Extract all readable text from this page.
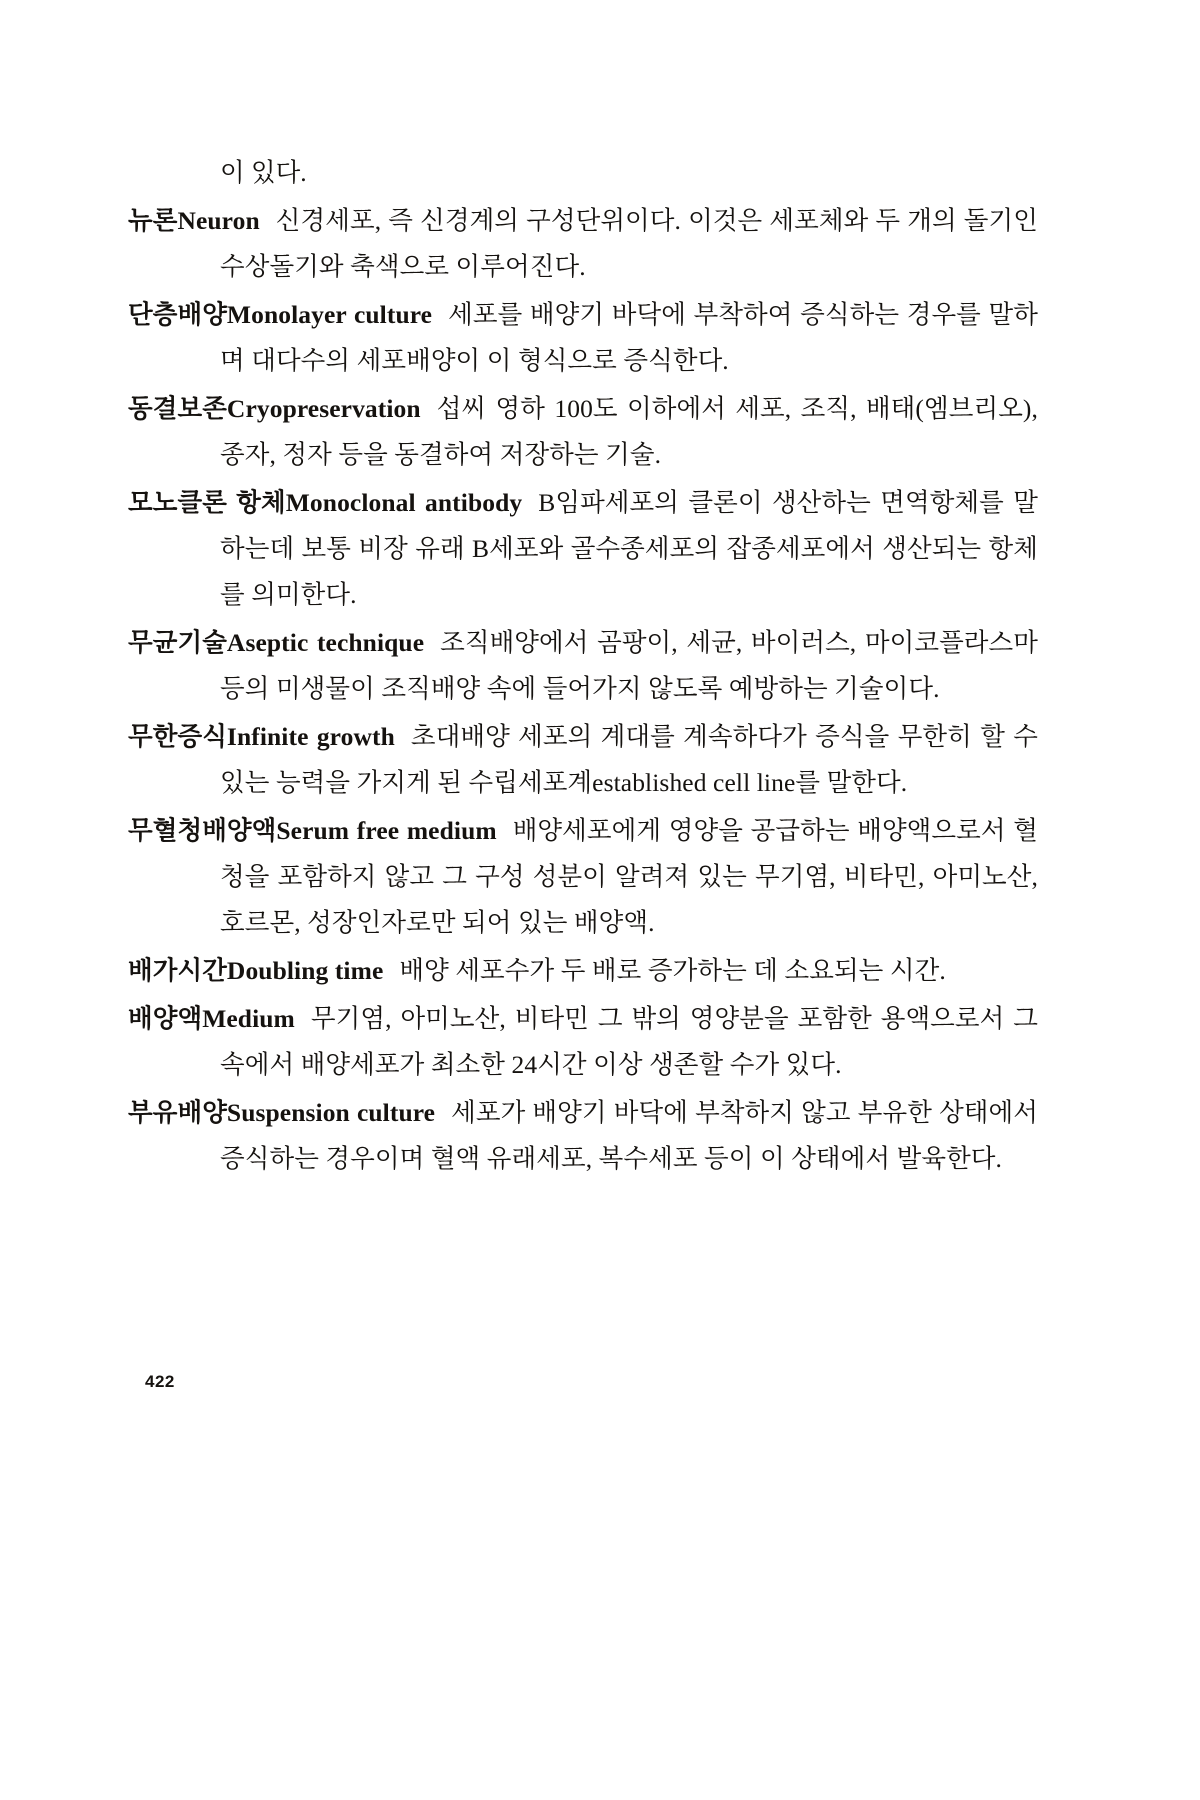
이 있다.

뉴론Neuron 신경세포, 즉 신경계의 구성단위이다. 이것은 세포체와 두 개의 돌기인 수상돌기와 축색으로 이루어진다.

단층배양Monolayer culture 세포를 배양기 바닥에 부착하여 증식하는 경우를 말하며 대다수의 세포배양이 이 형식으로 증식한다.

동결보존Cryopreservation 섭씨 영하 100도 이하에서 세포, 조직, 배태(엠브리오), 종자, 정자 등을 동결하여 저장하는 기술.

모노클론 항체Monoclonal antibody B임파세포의 클론이 생산하는 면역항체를 말하는데 보통 비장 유래 B세포와 골수종세포의 잡종세포에서 생산되는 항체를 의미한다.

무균기술Aseptic technique 조직배양에서 곰팡이, 세균, 바이러스, 마이코플라스마 등의 미생물이 조직배양 속에 들어가지 않도록 예방하는 기술이다.

무한증식Infinite growth 초대배양 세포의 계대를 계속하다가 증식을 무한히 할 수 있는 능력을 가지게 된 수립세포계established cell line를 말한다.

무혈청배양액Serum free medium 배양세포에게 영양을 공급하는 배양액으로서 혈청을 포함하지 않고 그 구성 성분이 알려져 있는 무기염, 비타민, 아미노산, 호르몬, 성장인자로만 되어 있는 배양액.

배가시간Doubling time 배양 세포수가 두 배로 증가하는 데 소요되는 시간.

배양액Medium 무기염, 아미노산, 비타민 그 밖의 영양분을 포함한 용액으로서 그 속에서 배양세포가 최소한 24시간 이상 생존할 수가 있다.

부유배양Suspension culture 세포가 배양기 바닥에 부착하지 않고 부유한 상태에서 증식하는 경우이며 혈액 유래세포, 복수세포 등이 이 상태에서 발육한다.

422
